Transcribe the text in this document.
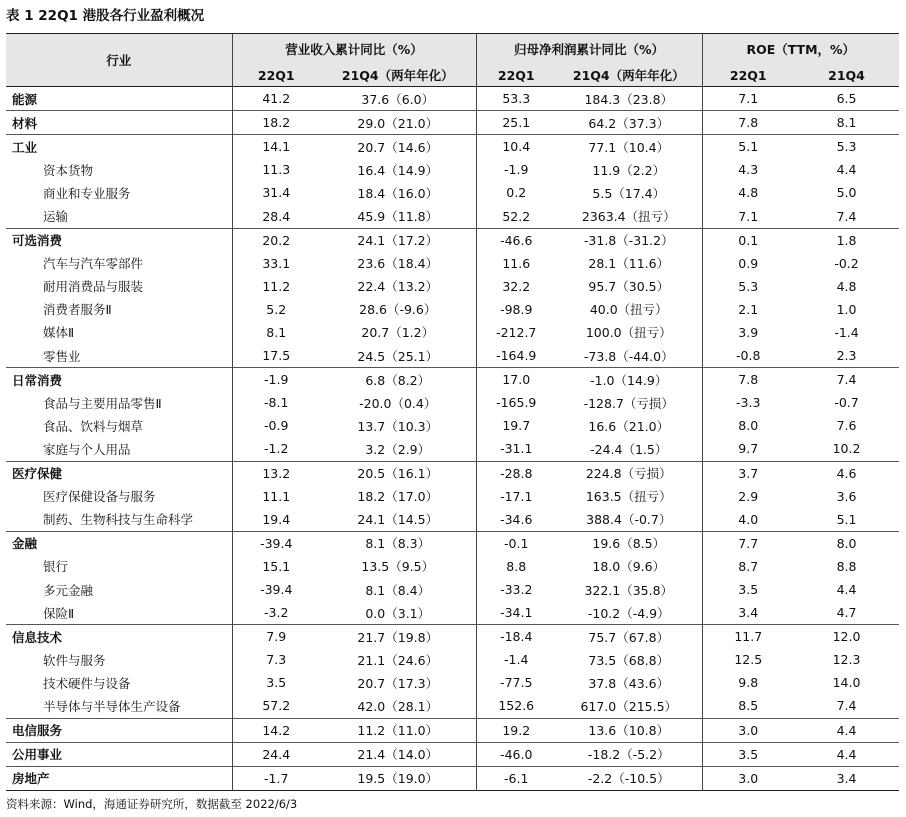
表 1 22Q1 港股各行业盈利概况
行业	营业收入累计同比（%）		归母净利润累计同比（%）		ROE（TTM，%）	
	22Q1	21Q4（两年年化）	22Q1	21Q4（两年年化）	22Q1	21Q4
能源	41.2	37.6（6.0）	53.3	184.3（23.8）	7.1	6.5
材料	18.2	29.0（21.0）	25.1	64.2（37.3）	7.8	8.1
工业	14.1	20.7（14.6）	10.4	77.1（10.4）	5.1	5.3
资本货物	11.3	16.4（14.9）	-1.9	11.9（2.2）	4.3	4.4
商业和专业服务	31.4	18.4（16.0）	0.2	5.5（17.4）	4.8	5.0
运输	28.4	45.9（11.8）	52.2	2363.4（扭亏）	7.1	7.4
可选消费	20.2	24.1（17.2）	-46.6	-31.8（-31.2）	0.1	1.8
汽车与汽车零部件	33.1	23.6（18.4）	11.6	28.1（11.6）	0.9	-0.2
耐用消费品与服装	11.2	22.4（13.2）	32.2	95.7（30.5）	5.3	4.8
消费者服务Ⅱ	5.2	28.6（-9.6）	-98.9	40.0（扭亏）	2.1	1.0
媒体Ⅱ	8.1	20.7（1.2）	-212.7	100.0（扭亏）	3.9	-1.4
零售业	17.5	24.5（25.1）	-164.9	-73.8（-44.0）	-0.8	2.3
日常消费	-1.9	6.8（8.2）	17.0	-1.0（14.9）	7.8	7.4
食品与主要用品零售Ⅱ	-8.1	-20.0（0.4）	-165.9	-128.7（亏损）	-3.3	-0.7
食品、饮料与烟草	-0.9	13.7（10.3）	19.7	16.6（21.0）	8.0	7.6
家庭与个人用品	-1.2	3.2（2.9）	-31.1	-24.4（1.5）	9.7	10.2
医疗保健	13.2	20.5（16.1）	-28.8	224.8（亏损）	3.7	4.6
医疗保健设备与服务	11.1	18.2（17.0）	-17.1	163.5（扭亏）	2.9	3.6
制药、生物科技与生命科学	19.4	24.1（14.5）	-34.6	388.4（-0.7）	4.0	5.1
金融	-39.4	8.1（8.3）	-0.1	19.6（8.5）	7.7	8.0
银行	15.1	13.5（9.5）	8.8	18.0（9.6）	8.7	8.8
多元金融	-39.4	8.1（8.4）	-33.2	322.1（35.8）	3.5	4.4
保险Ⅱ	-3.2	0.0（3.1）	-34.1	-10.2（-4.9）	3.4	4.7
信息技术	7.9	21.7（19.8）	-18.4	75.7（67.8）	11.7	12.0
软件与服务	7.3	21.1（24.6）	-1.4	73.5（68.8）	12.5	12.3
技术硬件与设备	3.5	20.7（17.3）	-77.5	37.8（43.6）	9.8	14.0
半导体与半导体生产设备	57.2	42.0（28.1）	152.6	617.0（215.5）	8.5	7.4
电信服务	14.2	11.2（11.0）	19.2	13.6（10.8）	3.0	4.4
公用事业	24.4	21.4（14.0）	-46.0	-18.2（-5.2）	3.5	4.4
房地产	-1.7	19.5（19.0）	-6.1	-2.2（-10.5）	3.0	3.4
资料来源：Wind，海通证券研究所，数据截至 2022/6/3
